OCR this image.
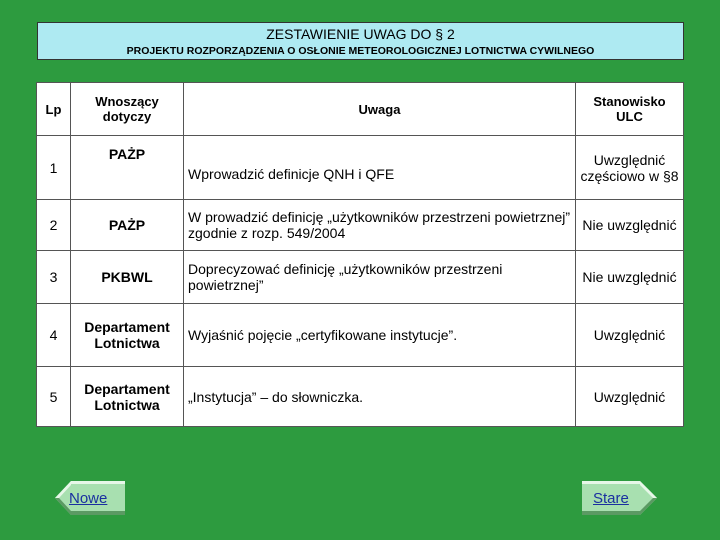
ZESTAWIENIE UWAG DO § 2
PROJEKTU ROZPORZĄDZENIA O OSŁONIE METEOROLOGICZNEJ LOTNICTWA CYWILNEGO
Lp	Wnoszący dotyczy	Uwaga	Stanowisko ULC
1	PAŻP	Wprowadzić definicje QNH i QFE	Uwzględnić częściowo w §8
2	PAŻP	W prowadzić definicję „użytkowników przestrzeni powietrznej” zgodnie z rozp. 549/2004	Nie uwzględnić
3	PKBWL	Doprecyzować definicję „użytkowników przestrzeni powietrznej”	Nie uwzględnić
4	Departament Lotnictwa	Wyjaśnić pojęcie „certyfikowane instytucje”.	Uwzględnić
5	Departament Lotnictwa	„Instytucja” – do słowniczka.	Uwzględnić
Nowe	Stare
